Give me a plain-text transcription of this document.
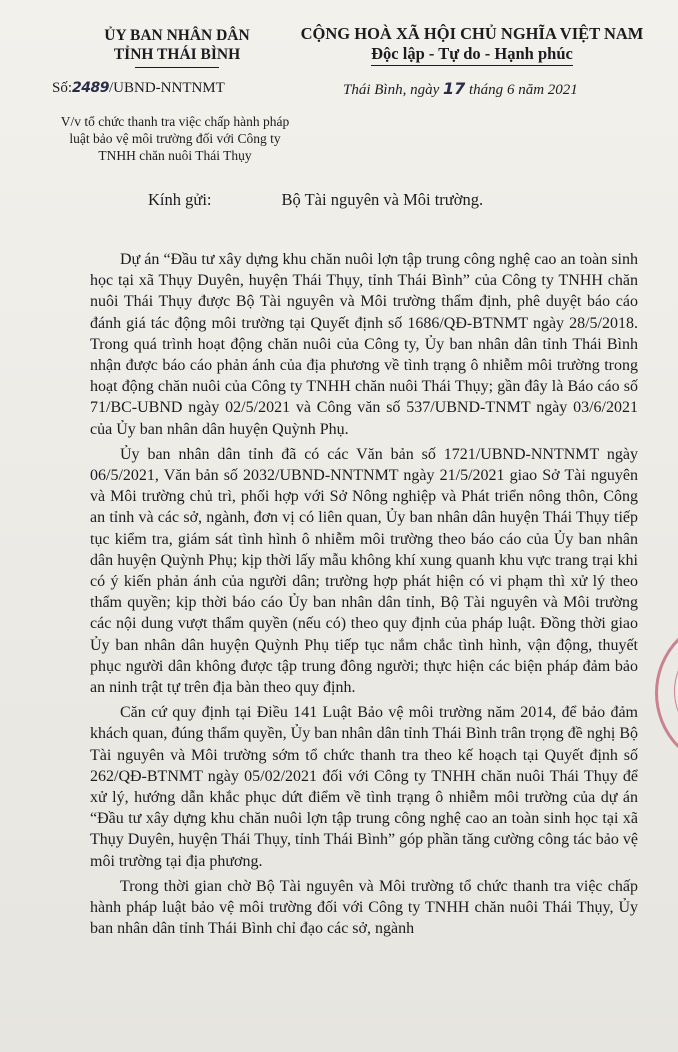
ỦY BAN NHÂN DÂN
TỈNH THÁI BÌNH
CỘNG HOÀ XÃ HỘI CHỦ NGHĨA VIỆT NAM
Độc lập - Tự do - Hạnh phúc
Số:2489/UBND-NNTNMT	Thái Bình, ngày 17 tháng 6 năm 2021
V/v tổ chức thanh tra việc chấp hành pháp luật bảo vệ môi trường đối với Công ty TNHH chăn nuôi Thái Thụy
Kính gửi:	Bộ Tài nguyên và Môi trường.

Dự án “Đầu tư xây dựng khu chăn nuôi lợn tập trung công nghệ cao an toàn sinh học tại xã Thụy Duyên, huyện Thái Thụy, tỉnh Thái Bình” của Công ty TNHH chăn nuôi Thái Thụy được Bộ Tài nguyên và Môi trường thẩm định, phê duyệt báo cáo đánh giá tác động môi trường tại Quyết định số 1686/QĐ-BTNMT ngày 28/5/2018. Trong quá trình hoạt động chăn nuôi của Công ty, Ủy ban nhân dân tỉnh Thái Bình nhận được báo cáo phản ánh của địa phương về tình trạng ô nhiễm môi trường trong hoạt động chăn nuôi của Công ty TNHH chăn nuôi Thái Thụy; gần đây là Báo cáo số 71/BC-UBND ngày 02/5/2021 và Công văn số 537/UBND-TNMT ngày 03/6/2021 của Ủy ban nhân dân huyện Quỳnh Phụ.

Ủy ban nhân dân tỉnh đã có các Văn bản số 1721/UBND-NNTNMT ngày 06/5/2021, Văn bản số 2032/UBND-NNTNMT ngày 21/5/2021 giao Sở Tài nguyên và Môi trường chủ trì, phối hợp với Sở Nông nghiệp và Phát triển nông thôn, Công an tỉnh và các sở, ngành, đơn vị có liên quan, Ủy ban nhân dân huyện Thái Thụy tiếp tục kiểm tra, giám sát tình hình ô nhiễm môi trường theo báo cáo của Ủy ban nhân dân huyện Quỳnh Phụ; kịp thời lấy mẫu không khí xung quanh khu vực trang trại khi có ý kiến phản ánh của người dân; trường hợp phát hiện có vi phạm thì xử lý theo thẩm quyền; kịp thời báo cáo Ủy ban nhân dân tỉnh, Bộ Tài nguyên và Môi trường các nội dung vượt thẩm quyền (nếu có) theo quy định của pháp luật. Đồng thời giao Ủy ban nhân dân huyện Quỳnh Phụ tiếp tục nắm chắc tình hình, vận động, thuyết phục người dân không được tập trung đông người; thực hiện các biện pháp đảm bảo an ninh trật tự trên địa bàn theo quy định.

Căn cứ quy định tại Điều 141 Luật Bảo vệ môi trường năm 2014, để bảo đảm khách quan, đúng thẩm quyền, Ủy ban nhân dân tỉnh Thái Bình trân trọng đề nghị Bộ Tài nguyên và Môi trường sớm tổ chức thanh tra theo kế hoạch tại Quyết định số 262/QĐ-BTNMT ngày 05/02/2021 đối với Công ty TNHH chăn nuôi Thái Thụy để xử lý, hướng dẫn khắc phục dứt điểm về tình trạng ô nhiễm môi trường của dự án “Đầu tư xây dựng khu chăn nuôi lợn tập trung công nghệ cao an toàn sinh học tại xã Thụy Duyên, huyện Thái Thụy, tỉnh Thái Bình” góp phần tăng cường công tác bảo vệ môi trường tại địa phương.

Trong thời gian chờ Bộ Tài nguyên và Môi trường tổ chức thanh tra việc chấp hành pháp luật bảo vệ môi trường đối với Công ty TNHH chăn nuôi Thái Thụy, Ủy ban nhân dân tỉnh Thái Bình chỉ đạo các sở, ngành
